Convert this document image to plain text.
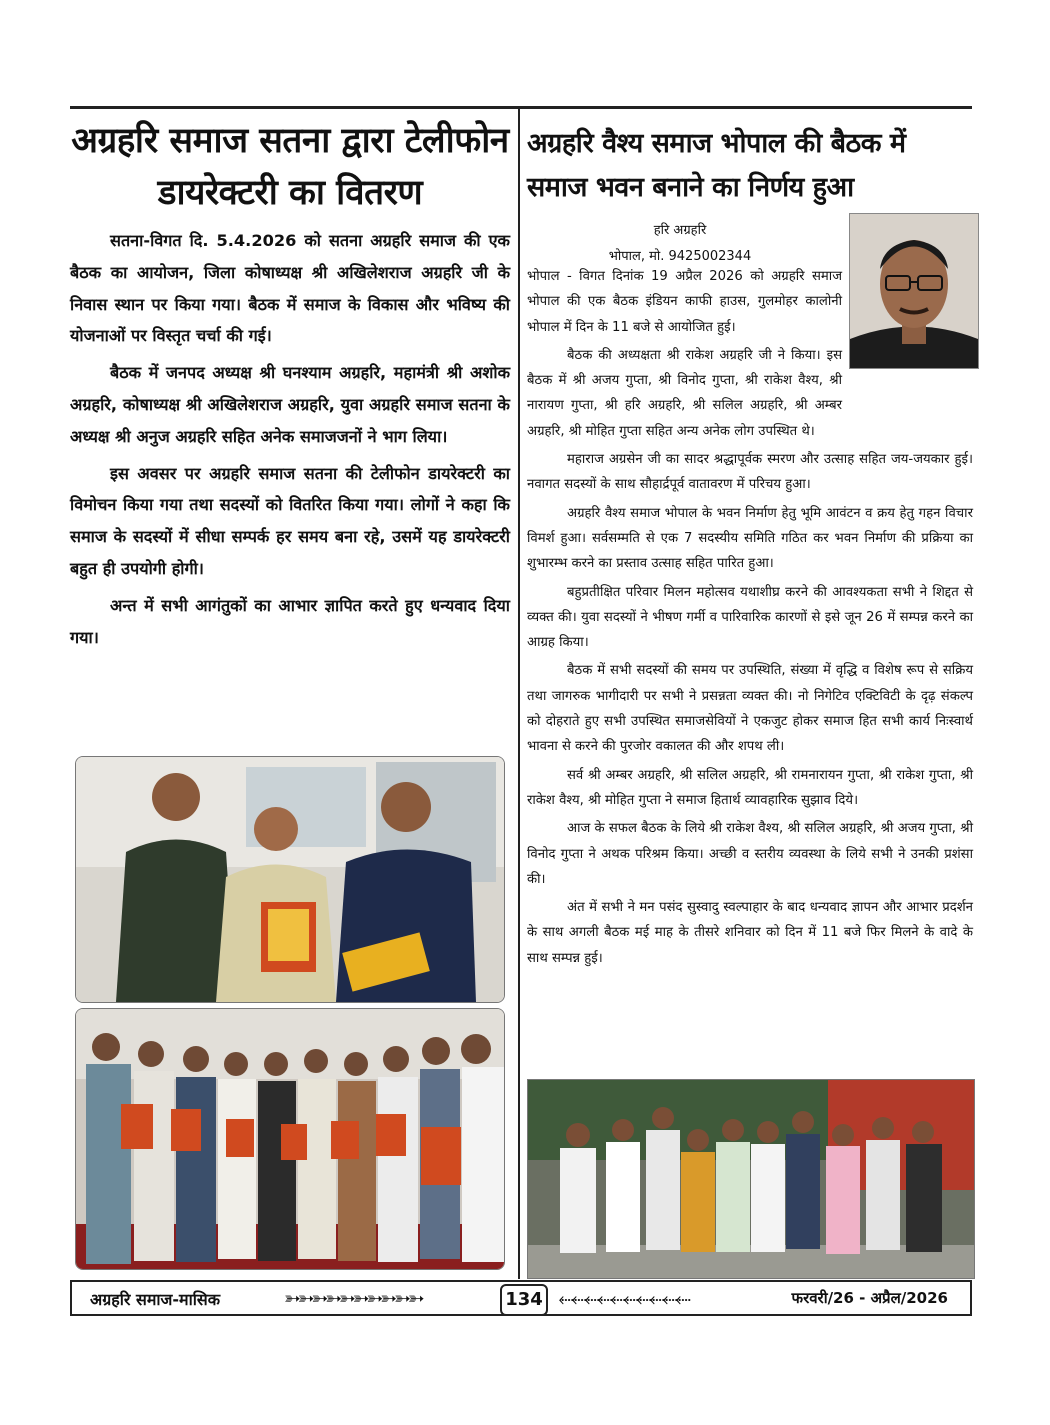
अग्रहरि समाज सतना द्वारा टेलीफोन डायरेक्टरी का वितरण

सतना-विगत दि. 5.4.2026 को सतना अग्रहरि समाज की एक बैठक का आयोजन, जिला कोषाध्यक्ष श्री अखिलेशराज अग्रहरि जी के निवास स्थान पर किया गया। बैठक में समाज के विकास और भविष्य की योजनाओं पर विस्तृत चर्चा की गई।

बैठक में जनपद अध्यक्ष श्री घनश्याम अग्रहरि, महामंत्री श्री अशोक अग्रहरि, कोषाध्यक्ष श्री अखिलेशराज अग्रहरि, युवा अग्रहरि समाज सतना के अध्यक्ष श्री अनुज अग्रहरि सहित अनेक समाजजनों ने भाग लिया।

इस अवसर पर अग्रहरि समाज सतना की टेलीफोन डायरेक्टरी का विमोचन किया गया तथा सदस्यों को वितरित किया गया। लोगों ने कहा कि समाज के सदस्यों में सीधा सम्पर्क हर समय बना रहे, उसमें यह डायरेक्टरी बहुत ही उपयोगी होगी।

अन्त में सभी आगंतुकों का आभार ज्ञापित करते हुए धन्यवाद दिया गया।

अग्रहरि वैश्य समाज भोपाल की बैठक में समाज भवन बनाने का निर्णय हुआ
हरि अग्रहरि
भोपाल, मो. 9425002344

भोपाल - विगत दिनांक 19 अप्रैल 2026 को अग्रहरि समाज भोपाल की एक बैठक इंडियन काफी हाउस, गुलमोहर कालोनी भोपाल में दिन के 11 बजे से आयोजित हुई।

बैठक की अध्यक्षता श्री राकेश अग्रहरि जी ने किया। इस बैठक में श्री अजय गुप्ता, श्री विनोद गुप्ता, श्री राकेश वैश्य, श्री नारायण गुप्ता, श्री हरि अग्रहरि, श्री सलिल अग्रहरि, श्री अम्बर अग्रहरि, श्री मोहित गुप्ता सहित अन्य अनेक लोग उपस्थित थे।

महाराज अग्रसेन जी का सादर श्रद्धापूर्वक स्मरण और उत्साह सहित जय-जयकार हुई। नवागत सदस्यों के साथ सौहार्द्रपूर्व वातावरण में परिचय हुआ।

अग्रहरि वैश्य समाज भोपाल के भवन निर्माण हेतु भूमि आवंटन व क्रय हेतु गहन विचार विमर्श हुआ। सर्वसम्मति से एक 7 सदस्यीय समिति गठित कर भवन निर्माण की प्रक्रिया का शुभारम्भ करने का प्रस्ताव उत्साह सहित पारित हुआ।

बहुप्रतीक्षित परिवार मिलन महोत्सव यथाशीघ्र करने की आवश्यकता सभी ने शिद्दत से व्यक्त की। युवा सदस्यों ने भीषण गर्मी व पारिवारिक कारणों से इसे जून 26 में सम्पन्न करने का आग्रह किया।

बैठक में सभी सदस्यों की समय पर उपस्थिति, संख्या में वृद्धि व विशेष रूप से सक्रिय तथा जागरुक भागीदारी पर सभी ने प्रसन्नता व्यक्त की। नो निगेटिव एक्टिविटी के दृढ़ संकल्प को दोहराते हुए सभी उपस्थित समाजसेवियों ने एकजुट होकर समाज हित सभी कार्य निःस्वार्थ भावना से करने की पुरजोर वकालत की और शपथ ली।

सर्व श्री अम्बर अग्रहरि, श्री सलिल अग्रहरि, श्री रामनारायन गुप्ता, श्री राकेश गुप्ता, श्री राकेश वैश्य, श्री मोहित गुप्ता ने समाज हितार्थ व्यावहारिक सुझाव दिये।

आज के सफल बैठक के लिये श्री राकेश वैश्य, श्री सलिल अग्रहरि, श्री अजय गुप्ता, श्री विनोद गुप्ता ने अथक परिश्रम किया। अच्छी व स्तरीय व्यवस्था के लिये सभी ने उनकी प्रशंसा की।

अंत में सभी ने मन पसंद सुस्वादु स्वल्पाहार के बाद धन्यवाद ज्ञापन और आभार प्रदर्शन के साथ अगली बैठक मई माह के तीसरे शनिवार को दिन में 11 बजे फिर मिलने के वादे के साथ सम्पन्न हुई।

अग्रहरि समाज-मासिक	➳➳➳➳➳➳➳➳➳➳	134 ⬸⬸⬸⬸⬸⬸⬸⬸⬸⬸	फरवरी/26 - अप्रैल/2026
